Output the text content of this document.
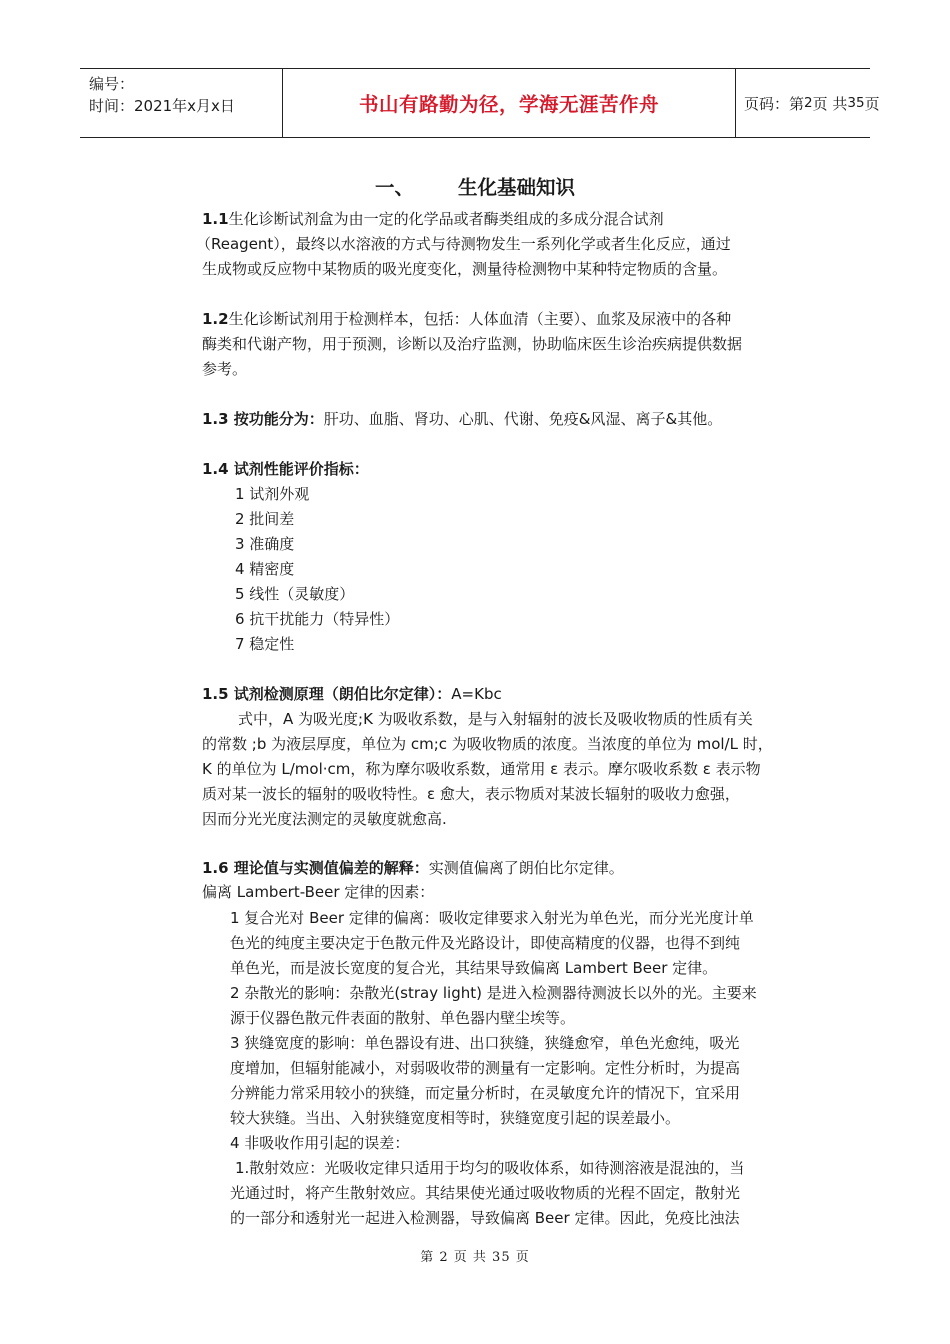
编号：
时间：2021年x月x日	书山有路勤为径，学海无涯苦作舟	页码：第 2 页 共 35 页
一、 生化基础知识
1.1生化诊断试剂盒为由一定的化学品或者酶类组成的多成分混合试剂
（Reagent），最终以水溶液的方式与待测物发生一系列化学或者生化反应，通过
生成物或反应物中某物质的吸光度变化，测量待检测物中某种特定物质的含量。
1.2生化诊断试剂用于检测样本，包括：人体血清（主要）、血浆及尿液中的各种
酶类和代谢产物，用于预测，诊断以及治疗监测，协助临床医生诊治疾病提供数据
参考。
1.3 按功能分为：肝功、血脂、肾功、心肌、代谢、免疫&风湿、离子&其他。
1.4 试剂性能评价指标：
1 试剂外观
2 批间差
3 准确度
4 精密度
5 线性（灵敏度）
6 抗干扰能力（特异性）
7 稳定性
1.5 试剂检测原理（朗伯比尔定律）：A=Kbc
式中，A 为吸光度;K 为吸收系数，是与入射辐射的波长及吸收物质的性质有关
的常数 ;b 为液层厚度，单位为 cm;c 为吸收物质的浓度。当浓度的单位为 mol/L 时，
K 的单位为 L/mol·cm，称为摩尔吸收系数，通常用 ε 表示。摩尔吸收系数 ε 表示物
质对某一波长的辐射的吸收特性。ε 愈大，表示物质对某波长辐射的吸收力愈强，
因而分光光度法测定的灵敏度就愈高.
1.6 理论值与实测值偏差的解释：实测值偏离了朗伯比尔定律。
偏离 Lambert-Beer 定律的因素：
1 复合光对 Beer 定律的偏离：吸收定律要求入射光为单色光，而分光光度计单
色光的纯度主要决定于色散元件及光路设计，即使高精度的仪器，也得不到纯
单色光，而是波长宽度的复合光，其结果导致偏离 Lambert Beer 定律。
2 杂散光的影响：杂散光(stray light) 是进入检测器待测波长以外的光。主要来
源于仪器色散元件表面的散射、单色器内壁尘埃等。
3 狭缝宽度的影响：单色器设有进、出口狭缝，狭缝愈窄，单色光愈纯，吸光
度增加，但辐射能减小，对弱吸收带的测量有一定影响。定性分析时，为提高
分辨能力常采用较小的狭缝，而定量分析时，在灵敏度允许的情况下，宜采用
较大狭缝。当出、入射狭缝宽度相等时，狭缝宽度引起的误差最小。
4 非吸收作用引起的误差：
1.散射效应：光吸收定律只适用于均匀的吸收体系，如待测溶液是混浊的，当
光通过时，将产生散射效应。其结果使光通过吸收物质的光程不固定，散射光
的一部分和透射光一起进入检测器，导致偏离 Beer 定律。因此，免疫比浊法
第 2 页 共 35 页
